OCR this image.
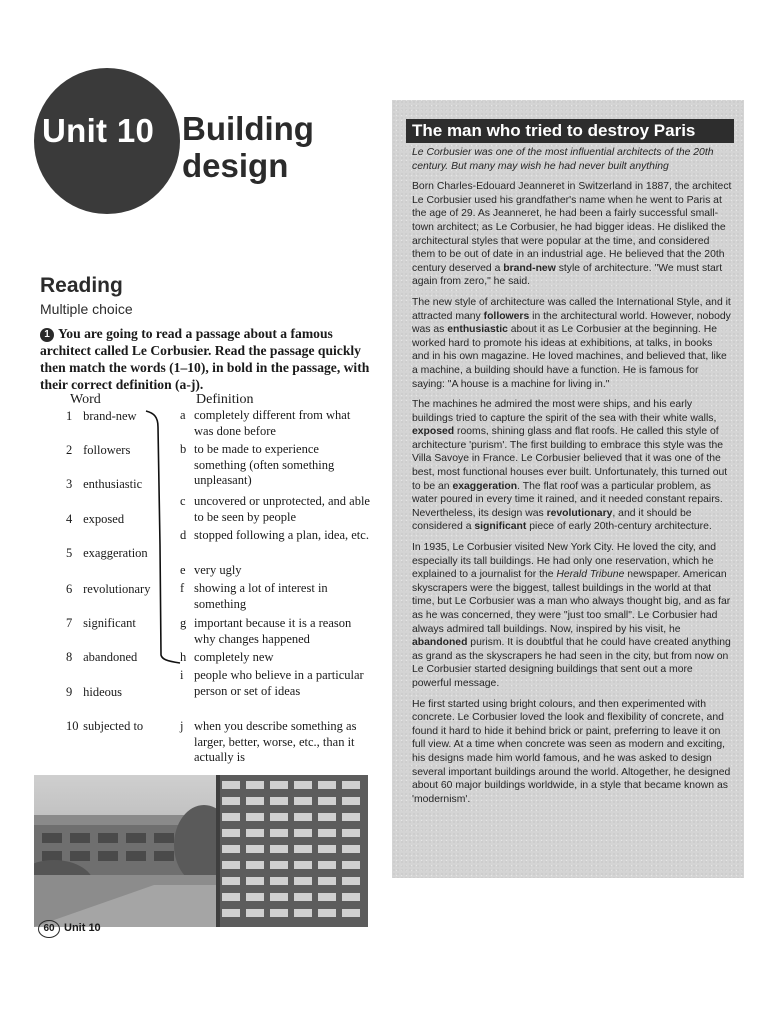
Unit 10 Building
design
Reading
Multiple choice
1 You are going to read a passage about a famous architect called Le Corbusier. Read the passage quickly then match the words (1–10), in bold in the passage, with their correct definition (a-j).
Word	Definition
1 brand-new
2 followers
3 enthusiastic
4 exposed
5 exaggeration
6 revolutionary
7 significant
8 abandoned
9 hideous
10 subjected to
a completely different from what was done before
b to be made to experience something (often something unpleasant)
c uncovered or unprotected, and able to be seen by people
d stopped following a plan, idea, etc.
e very ugly
f showing a lot of interest in something
g important because it is a reason why changes happened
h completely new
i people who believe in a particular person or set of ideas
j when you describe something as larger, better, worse, etc., than it actually is
60 Unit 10
The man who tried to destroy Paris

Le Corbusier was one of the most influential architects of the 20th century. But many may wish he had never built anything

Born Charles-Edouard Jeanneret in Switzerland in 1887, the architect Le Corbusier used his grandfather's name when he went to Paris at the age of 29. As Jeanneret, he had been a fairly successful small-town architect; as Le Corbusier, he had bigger ideas. He disliked the architectural styles that were popular at the time, and considered them to be out of date in an industrial age. He believed that the 20th century deserved a brand-new style of architecture. "We must start again from zero," he said.

The new style of architecture was called the International Style, and it attracted many followers in the architectural world. However, nobody was as enthusiastic about it as Le Corbusier at the beginning. He worked hard to promote his ideas at exhibitions, at talks, in books and in his own magazine. He loved machines, and believed that, like a machine, a building should have a function. He is famous for saying: "A house is a machine for living in."

The machines he admired the most were ships, and his early buildings tried to capture the spirit of the sea with their white walls, exposed rooms, shining glass and flat roofs. He called this style of architecture 'purism'. The first building to embrace this style was the Villa Savoye in France. Le Corbusier believed that it was one of the best, most functional houses ever built. Unfortunately, this turned out to be an exaggeration. The flat roof was a particular problem, as water poured in every time it rained, and it needed constant repairs. Nevertheless, its design was revolutionary, and it should be considered a significant piece of early 20th-century architecture.

In 1935, Le Corbusier visited New York City. He loved the city, and especially its tall buildings. He had only one reservation, which he explained to a journalist for the Herald Tribune newspaper. American skyscrapers were the biggest, tallest buildings in the world at that time, but Le Corbusier was a man who always thought big, and as far as he was concerned, they were "just too small". Le Corbusier had always admired tall buildings. Now, inspired by his visit, he abandoned purism. It is doubtful that he could have created anything as grand as the skyscrapers he had seen in the city, but from now on Le Corbusier started designing buildings that sent out a more powerful message.

He first started using bright colours, and then experimented with concrete. Le Corbusier loved the look and flexibility of concrete, and found it hard to hide it behind brick or paint, preferring to leave it on full view. At a time when concrete was seen as modern and exciting, his designs made him world famous, and he was asked to design several important buildings around the world. Altogether, he designed about 60 major buildings worldwide, in a style that became known as 'modernism'.
